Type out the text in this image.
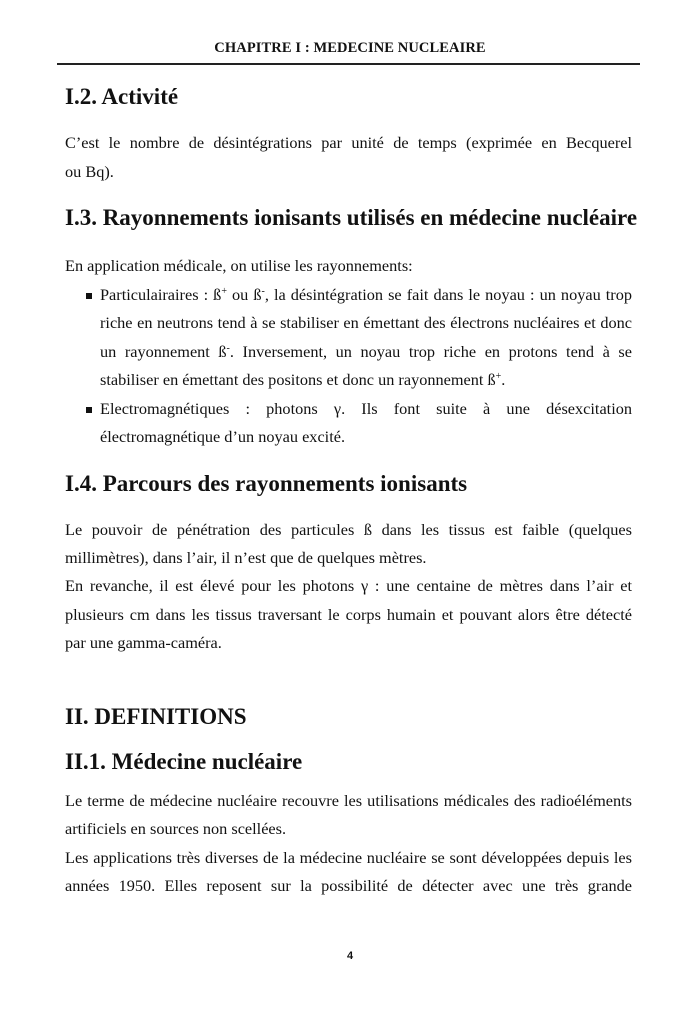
CHAPITRE I : MEDECINE NUCLEAIRE
I.2. Activité
C’est le nombre de désintégrations par unité de temps (exprimée en Becquerel
ou Bq).
I.3. Rayonnements ionisants utilisés en médecine nucléaire
En application médicale, on utilise les rayonnements:
Particulairaires : ß+ ou ß-, la désintégration se fait dans le noyau : un noyau trop
riche en neutrons tend à se stabiliser en émettant des électrons nucléaires et donc
un rayonnement ß-. Inversement, un noyau trop riche en protons tend à se
stabiliser en émettant des positons et donc un rayonnement ß+.
Electromagnétiques : photons γ. Ils font suite à une désexcitation
électromagnétique d’un noyau excité.
I.4. Parcours des rayonnements ionisants
Le pouvoir de pénétration des particules ß dans les tissus est faible (quelques
millimètres), dans l’air, il n’est que de quelques mètres.
En revanche, il est élevé pour les photons γ : une centaine de mètres dans l’air et
plusieurs cm dans les tissus traversant le corps humain et pouvant alors être détecté
par une gamma-caméra.
II. DEFINITIONS
II.1. Médecine nucléaire
Le terme de médecine nucléaire recouvre les utilisations médicales des radioéléments
artificiels en sources non scellées.
Les applications très diverses de la médecine nucléaire se sont développées depuis les
années 1950. Elles reposent sur la possibilité de détecter avec une très grande
4
